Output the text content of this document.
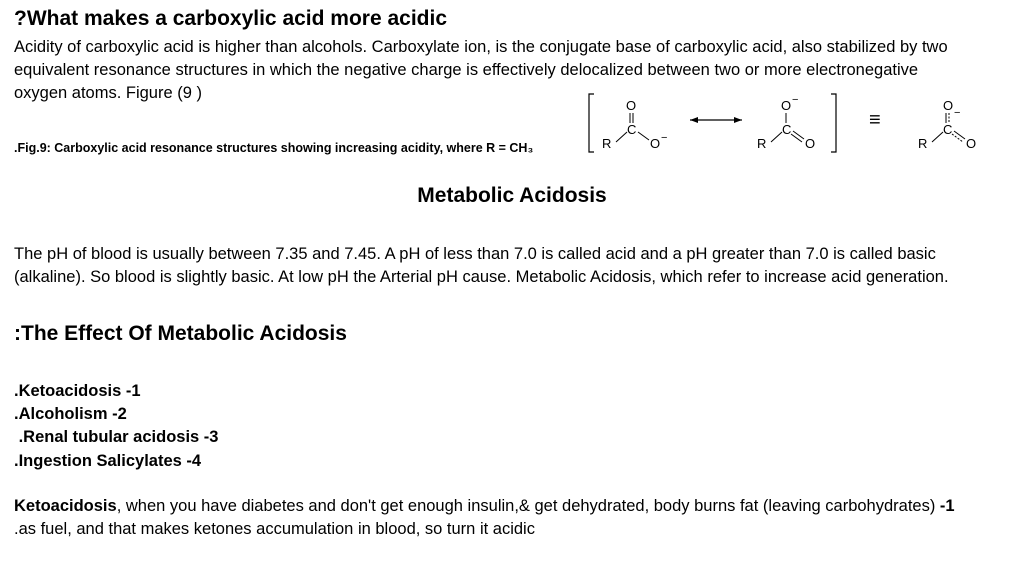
?What makes a carboxylic acid more acidic
Acidity of carboxylic acid is higher than alcohols. Carboxylate ion, is the conjugate base of carboxylic acid, also stabilized by two
equivalent resonance structures in which the negative charge is effectively delocalized between two or more electronegative
oxygen atoms. Figure (9 )
.Fig.9: Carboxylic acid resonance structures showing increasing acidity, where R = CH₃
O
C
R	O −
O −
C
R	O
≡
O −
C
R	O
Metabolic Acidosis
The pH of blood is usually between 7.35 and 7.45. A pH of less than 7.0 is called acid and a pH greater than 7.0 is called basic
(alkaline). So blood is slightly basic. At low pH the Arterial pH cause. Metabolic Acidosis, which refer to increase acid generation.
:The Effect Of Metabolic Acidosis
.Ketoacidosis -1
.Alcoholism -2
.Renal tubular acidosis -3
.Ingestion Salicylates -4
Ketoacidosis, when you have diabetes and don't get enough insulin,& get dehydrated, body burns fat (leaving carbohydrates) -1
.as fuel, and that makes ketones accumulation in blood, so turn it acidic
